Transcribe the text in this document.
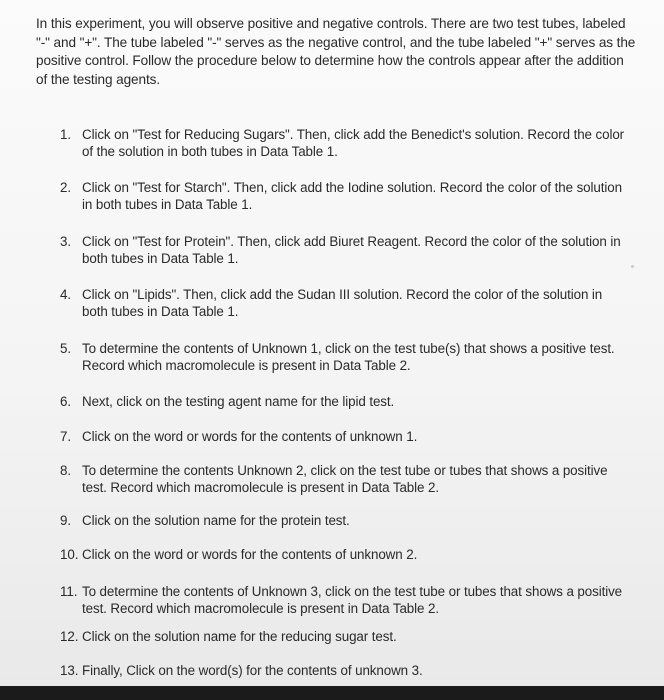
In this experiment, you will observe positive and negative controls. There are two test tubes, labeled "-" and "+". The tube labeled "-" serves as the negative control, and the tube labeled "+" serves as the positive control. Follow the procedure below to determine how the controls appear after the addition of the testing agents.

1. Click on "Test for Reducing Sugars". Then, click add the Benedict's solution. Record the color of the solution in both tubes in Data Table 1.
2. Click on "Test for Starch". Then, click add the Iodine solution. Record the color of the solution in both tubes in Data Table 1.
3. Click on "Test for Protein". Then, click add Biuret Reagent. Record the color of the solution in both tubes in Data Table 1.
4. Click on "Lipids". Then, click add the Sudan III solution. Record the color of the solution in both tubes in Data Table 1.
5. To determine the contents of Unknown 1, click on the test tube(s) that shows a positive test. Record which macromolecule is present in Data Table 2.
6. Next, click on the testing agent name for the lipid test.
7. Click on the word or words for the contents of unknown 1.
8. To determine the contents Unknown 2, click on the test tube or tubes that shows a positive test. Record which macromolecule is present in Data Table 2.
9. Click on the solution name for the protein test.
10. Click on the word or words for the contents of unknown 2.
11. To determine the contents of Unknown 3, click on the test tube or tubes that shows a positive test. Record which macromolecule is present in Data Table 2.
12. Click on the solution name for the reducing sugar test.
13. Finally, Click on the word(s) for the contents of unknown 3.
